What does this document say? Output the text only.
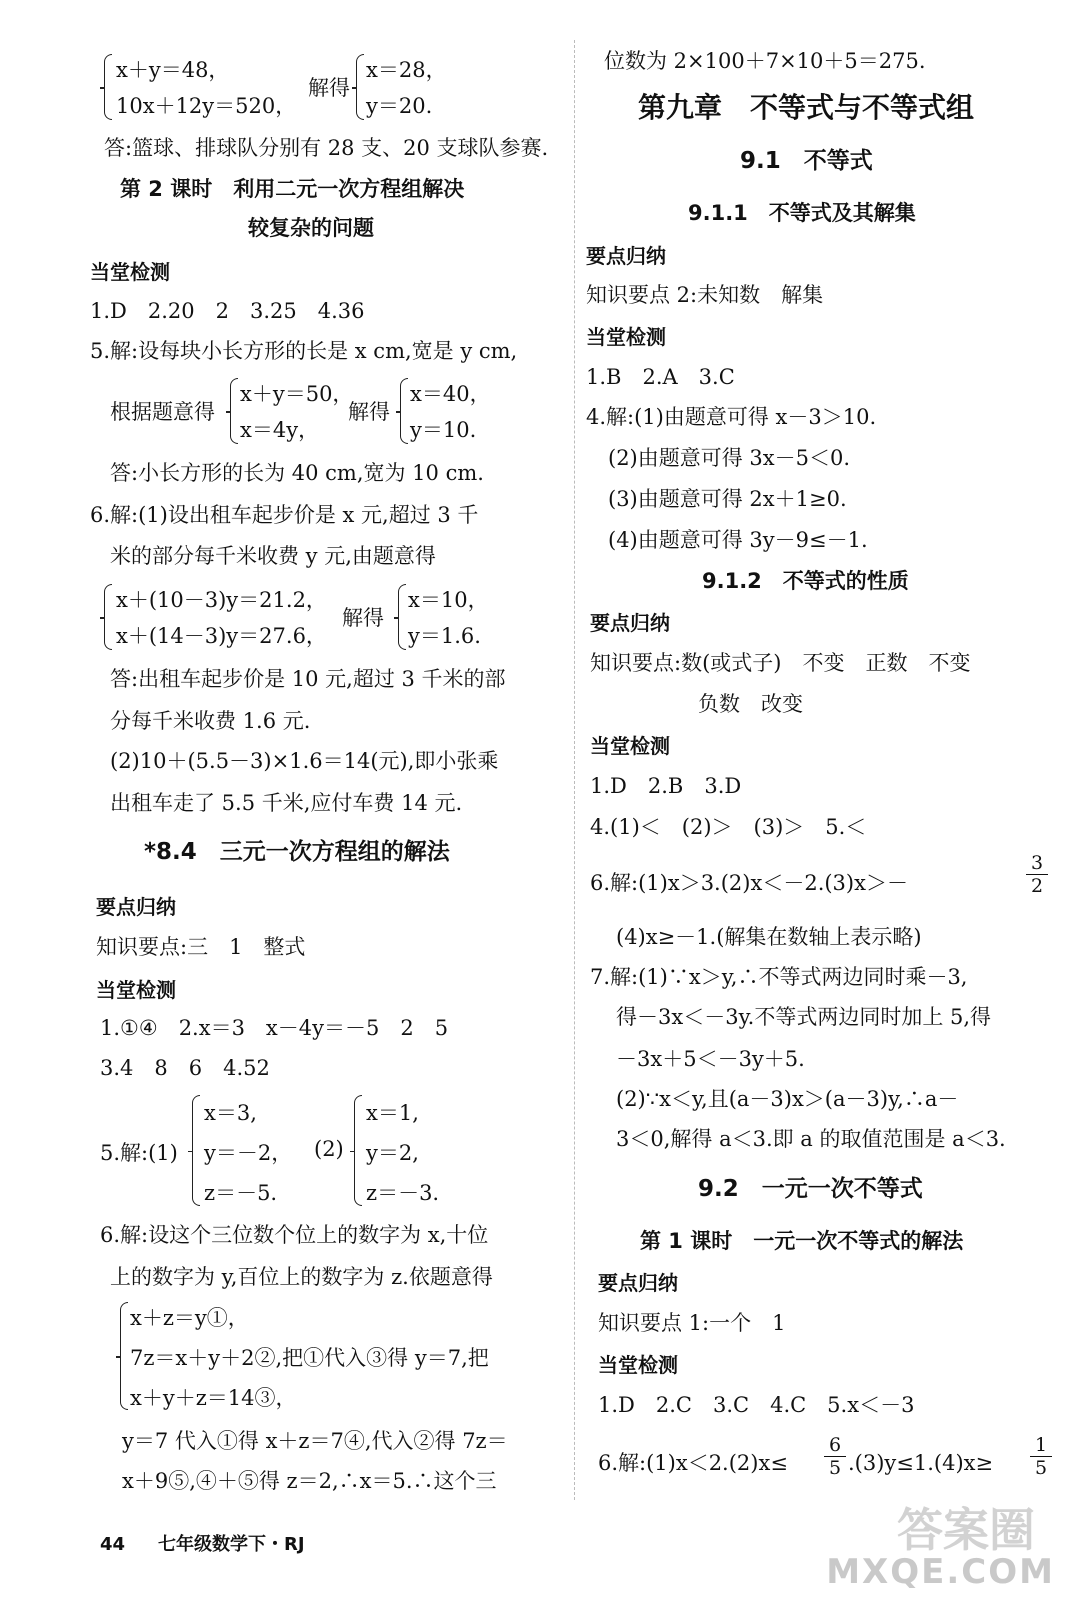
x＋y＝48，
10x＋12y＝520，
解得
x＝28，
y＝20.
答:篮球、排球队分别有 28 支、20 支球队参赛.
第 2 课时　利用二元一次方程组解决
较复杂的问题
当堂检测
1.D　2.20　2　3.25　4.36
5.解:设每块小长方形的长是 x cm,宽是 y cm,
根据题意得
x＋y＝50，
x＝4y，
解得
x＝40，
y＝10.
答:小长方形的长为 40 cm,宽为 10 cm.
6.解:(1)设出租车起步价是 x 元,超过 3 千
米的部分每千米收费 y 元,由题意得
x＋(10－3)y＝21.2，
x＋(14－3)y＝27.6，
解得
x＝10，
y＝1.6.
答:出租车起步价是 10 元,超过 3 千米的部
分每千米收费 1.6 元.
(2)10＋(5.5－3)×1.6＝14(元),即小张乘
出租车走了 5.5 千米,应付车费 14 元.
*8.4　三元一次方程组的解法
要点归纳
知识要点:三　1　整式
当堂检测
1.①④　2.x＝3　x－4y＝－5　2　5
3.4　8　6　4.52
5.解:(1)
x＝3,
y＝－2，
z＝－5.
(2)
x＝1,
y＝2,
z＝－3.
6.解:设这个三位数个位上的数字为 x,十位
上的数字为 y,百位上的数字为 z.依题意得
x＋z＝y①，
7z＝x＋y＋2②,把①代入③得 y＝7,把
x＋y＋z＝14③，
y＝7 代入①得 x＋z＝7④,代入②得 7z＝
x＋9⑤,④＋⑤得 z＝2,∴x＝5.∴这个三
位数为 2×100＋7×10＋5＝275.
第九章　不等式与不等式组
9.1　不等式
9.1.1　不等式及其解集
要点归纳
知识要点 2:未知数　解集
当堂检测
1.B　2.A　3.C
4.解:(1)由题意可得 x－3＞10.
(2)由题意可得 3x－5＜0.
(3)由题意可得 2x＋1≥0.
(4)由题意可得 3y－9≤－1.
9.1.2　不等式的性质
要点归纳
知识要点:数(或式子)　不变　正数　不变
负数　改变
当堂检测
1.D　2.B　3.D
4.(1)＜　(2)＞　(3)＞　5.＜
6.解:(1)x＞3.(2)x＜－2.(3)x＞－	$\frac{3}{2}$
(4)x≥－1.(解集在数轴上表示略)
7.解:(1)∵x＞y,∴不等式两边同时乘－3,
得－3x＜－3y.不等式两边同时加上 5,得
－3x＋5＜－3y＋5.
(2)∵x＜y,且(a－3)x＞(a－3)y,∴a－
3＜0,解得 a＜3.即 a 的取值范围是 a＜3.
9.2　一元一次不等式
第 1 课时　一元一次不等式的解法
要点归纳
知识要点 1:一个　1
当堂检测
1.D　2.C　3.C　4.C　5.x＜－3
6.解:(1)x＜2.(2)x≤ $\frac{6}{5} .(3)y\le 1.(4)x\ge \frac{1}{5}$
44 七年级数学下・RJ	答案圈
MXQE.COM
